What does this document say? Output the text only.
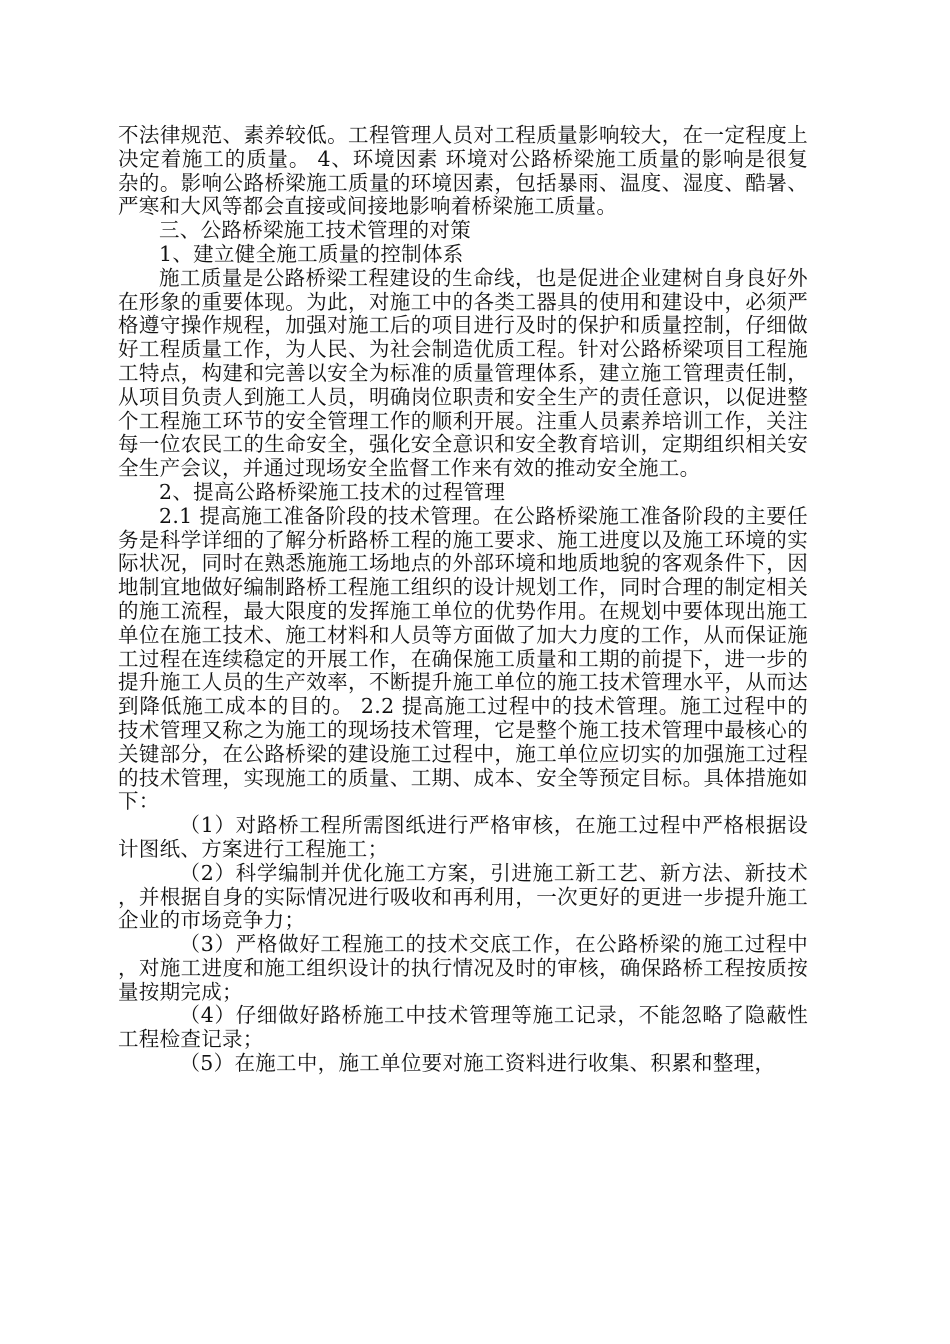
不法律规范、素养较低。工程管理人员对工程质量影响较大，在一定程度上决定着施工的质量。 4、环境因素 环境对公路桥梁施工质量的影响是很复杂的。影响公路桥梁施工质量的环境因素，包括暴雨、温度、湿度、酷暑、严寒和大风等都会直接或间接地影响着桥梁施工质量。

三、公路桥梁施工技术管理的对策

1、建立健全施工质量的控制体系

施工质量是公路桥梁工程建设的生命线，也是促进企业建树自身良好外在形象的重要体现。为此，对施工中的各类工器具的使用和建设中，必须严格遵守操作规程，加强对施工后的项目进行及时的保护和质量控制，仔细做好工程质量工作，为人民、为社会制造优质工程。针对公路桥梁项目工程施工特点，构建和完善以安全为标准的质量管理体系，建立施工管理责任制，从项目负责人到施工人员，明确岗位职责和安全生产的责任意识，以促进整个工程施工环节的安全管理工作的顺利开展。注重人员素养培训工作，关注每一位农民工的生命安全，强化安全意识和安全教育培训，定期组织相关安全生产会议，并通过现场安全监督工作来有效的推动安全施工。

2、提高公路桥梁施工技术的过程管理

2.1 提高施工准备阶段的技术管理。在公路桥梁施工准备阶段的主要任务是科学详细的了解分析路桥工程的施工要求、施工进度以及施工环境的实际状况，同时在熟悉施施工场地点的外部环境和地质地貌的客观条件下，因地制宜地做好编制路桥工程施工组织的设计规划工作，同时合理的制定相关的施工流程，最大限度的发挥施工单位的优势作用。在规划中要体现出施工单位在施工技术、施工材料和人员等方面做了加大力度的工作，从而保证施工过程在连续稳定的开展工作，在确保施工质量和工期的前提下，进一步的提升施工人员的生产效率，不断提升施工单位的施工技术管理水平，从而达到降低施工成本的目的。 2.2 提高施工过程中的技术管理。施工过程中的技术管理又称之为施工的现场技术管理，它是整个施工技术管理中最核心的关键部分，在公路桥梁的建设施工过程中，施工单位应切实的加强施工过程的技术管理，实现施工的质量、工期、成本、安全等预定目标。具体措施如下：

（1）对路桥工程所需图纸进行严格审核，在施工过程中严格根据设计图纸、方案进行工程施工；

（2）科学编制并优化施工方案，引进施工新工艺、新方法、新技术，并根据自身的实际情况进行吸收和再利用，一次更好的更进一步提升施工企业的市场竞争力；

（3）严格做好工程施工的技术交底工作，在公路桥梁的施工过程中，对施工进度和施工组织设计的执行情况及时的审核，确保路桥工程按质按量按期完成；

（4）仔细做好路桥施工中技术管理等施工记录，不能忽略了隐蔽性工程检查记录；

（5）在施工中，施工单位要对施工资料进行收集、积累和整理，
